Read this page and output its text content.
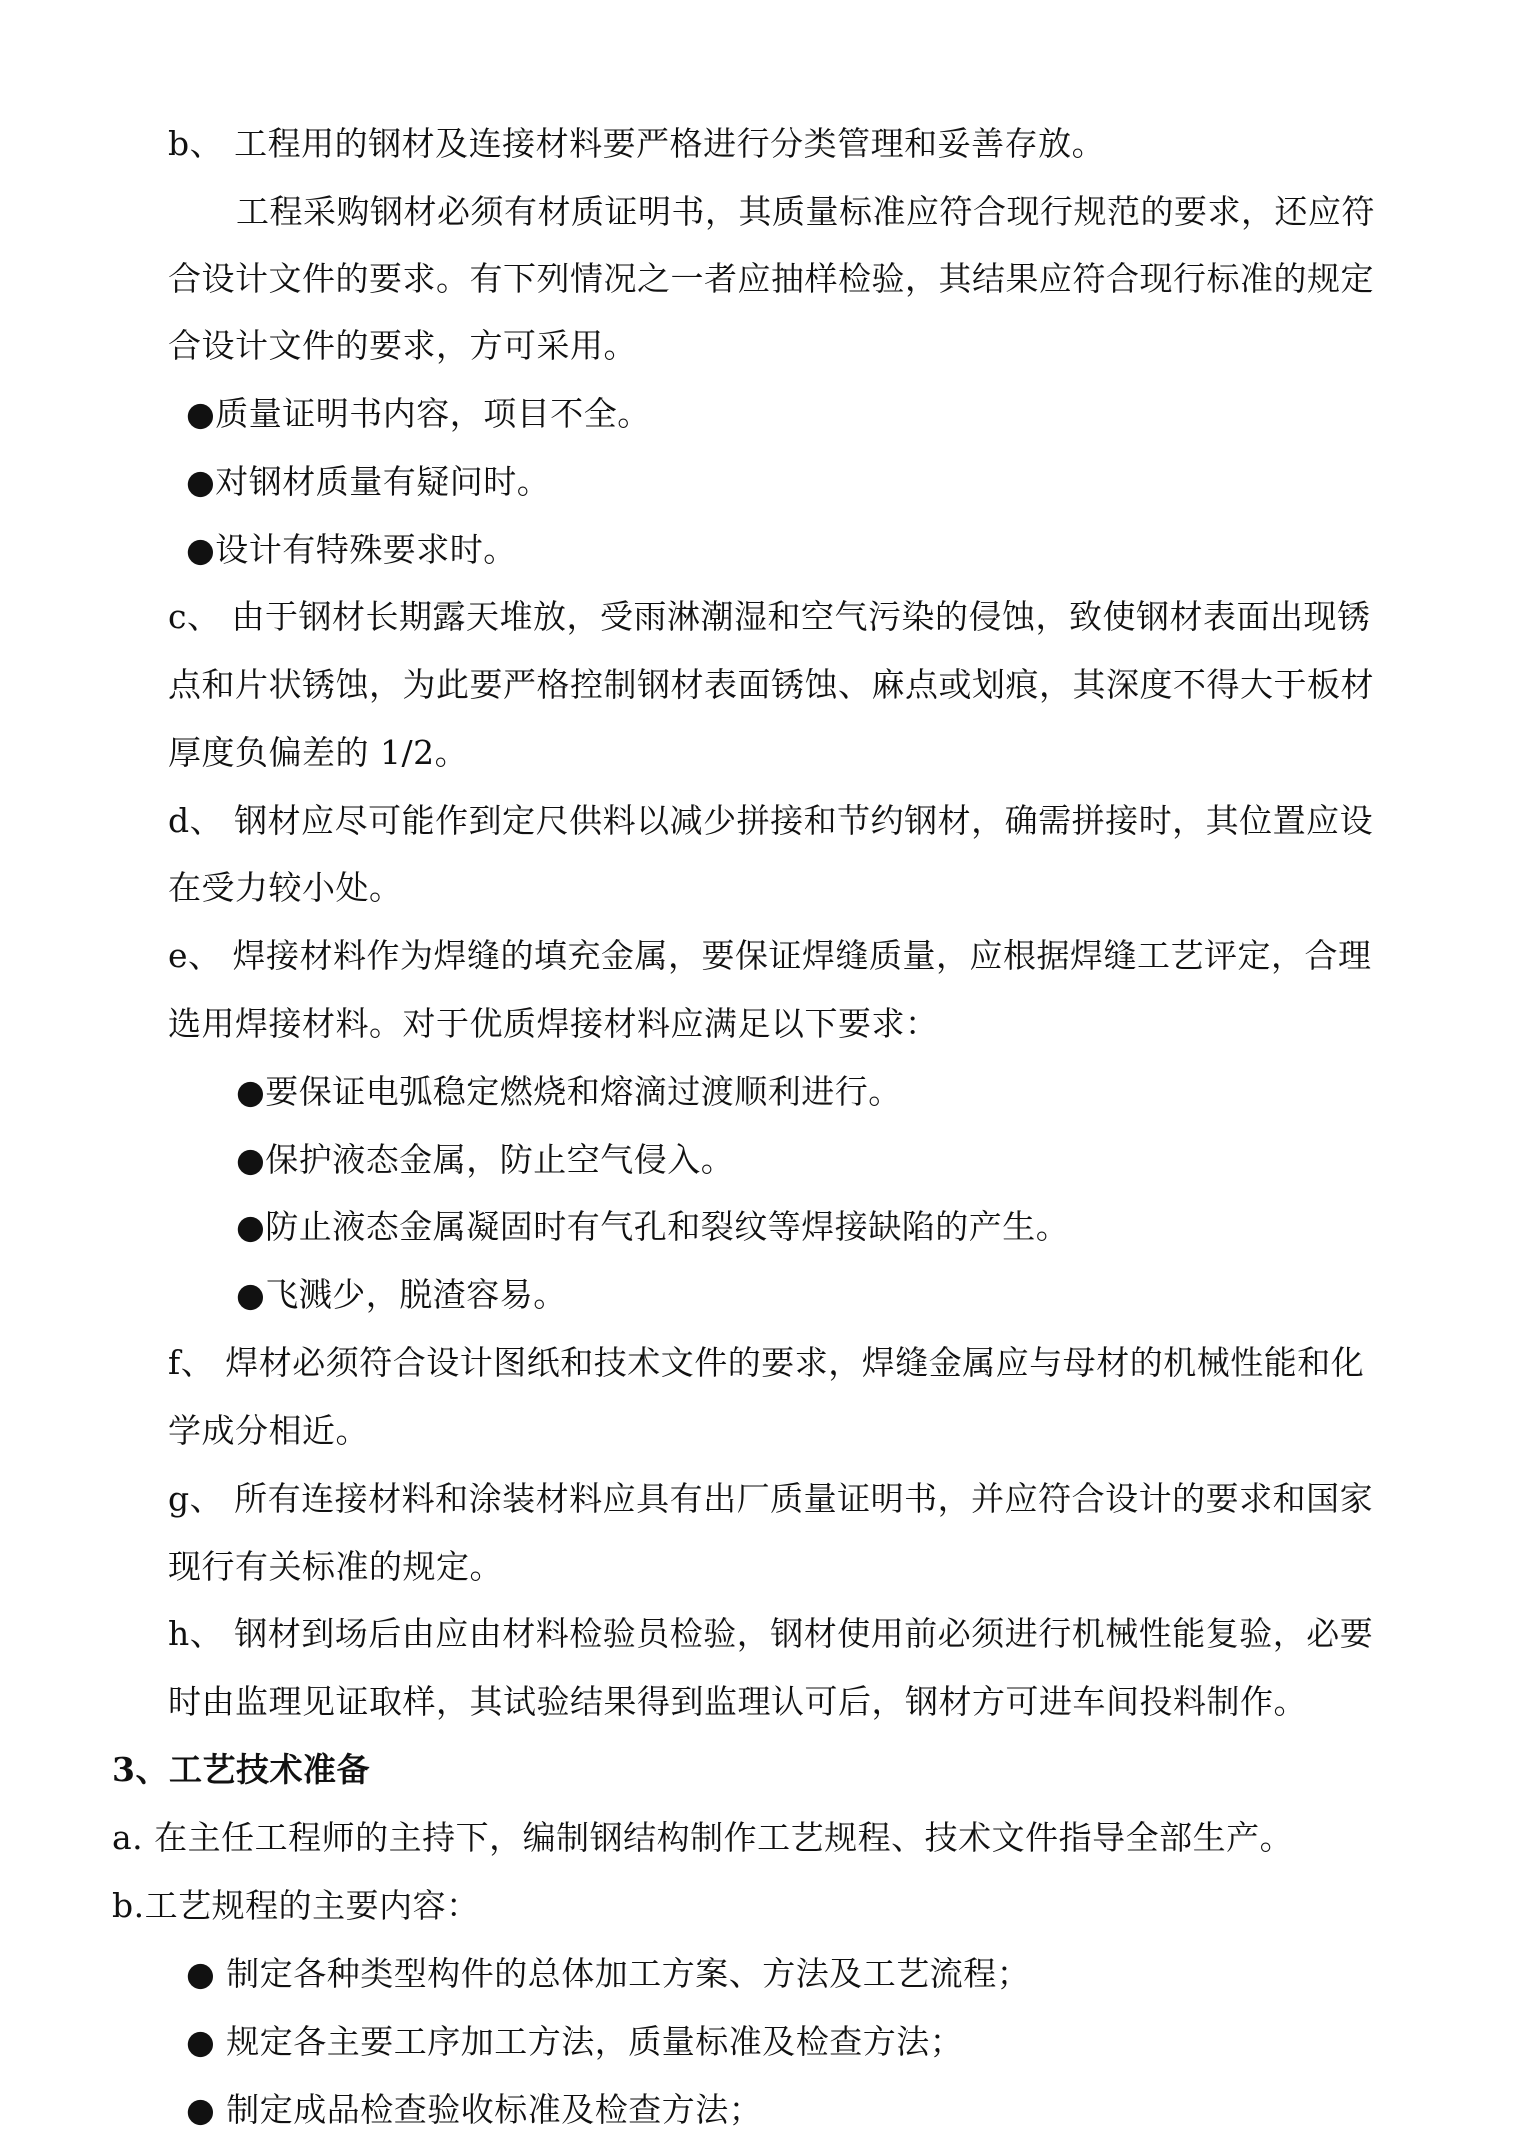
b、 工程用的钢材及连接材料要严格进行分类管理和妥善存放。
工程采购钢材必须有材质证明书，其质量标准应符合现行规范的要求，还应符
合设计文件的要求。有下列情况之一者应抽样检验，其结果应符合现行标准的规定
合设计文件的要求，方可采用。
●质量证明书内容，项目不全。
●对钢材质量有疑问时。
●设计有特殊要求时。
c、 由于钢材长期露天堆放，受雨淋潮湿和空气污染的侵蚀，致使钢材表面出现锈
点和片状锈蚀，为此要严格控制钢材表面锈蚀、麻点或划痕，其深度不得大于板材
厚度负偏差的 1/2。
d、 钢材应尽可能作到定尺供料以减少拼接和节约钢材，确需拼接时，其位置应设
在受力较小处。
e、 焊接材料作为焊缝的填充金属，要保证焊缝质量，应根据焊缝工艺评定，合理
选用焊接材料。对于优质焊接材料应满足以下要求：
●要保证电弧稳定燃烧和熔滴过渡顺利进行。
●保护液态金属，防止空气侵入。
●防止液态金属凝固时有气孔和裂纹等焊接缺陷的产生。
●飞溅少，脱渣容易。
f、 焊材必须符合设计图纸和技术文件的要求，焊缝金属应与母材的机械性能和化
学成分相近。
g、 所有连接材料和涂装材料应具有出厂质量证明书，并应符合设计的要求和国家
现行有关标准的规定。
h、 钢材到场后由应由材料检验员检验，钢材使用前必须进行机械性能复验，必要
时由监理见证取样，其试验结果得到监理认可后，钢材方可进车间投料制作。
3、工艺技术准备
a. 在主任工程师的主持下，编制钢结构制作工艺规程、技术文件指导全部生产。
b.工艺规程的主要内容：
● 制定各种类型构件的总体加工方案、方法及工艺流程；
● 规定各主要工序加工方法，质量标准及检查方法；
● 制定成品检查验收标准及检查方法；
